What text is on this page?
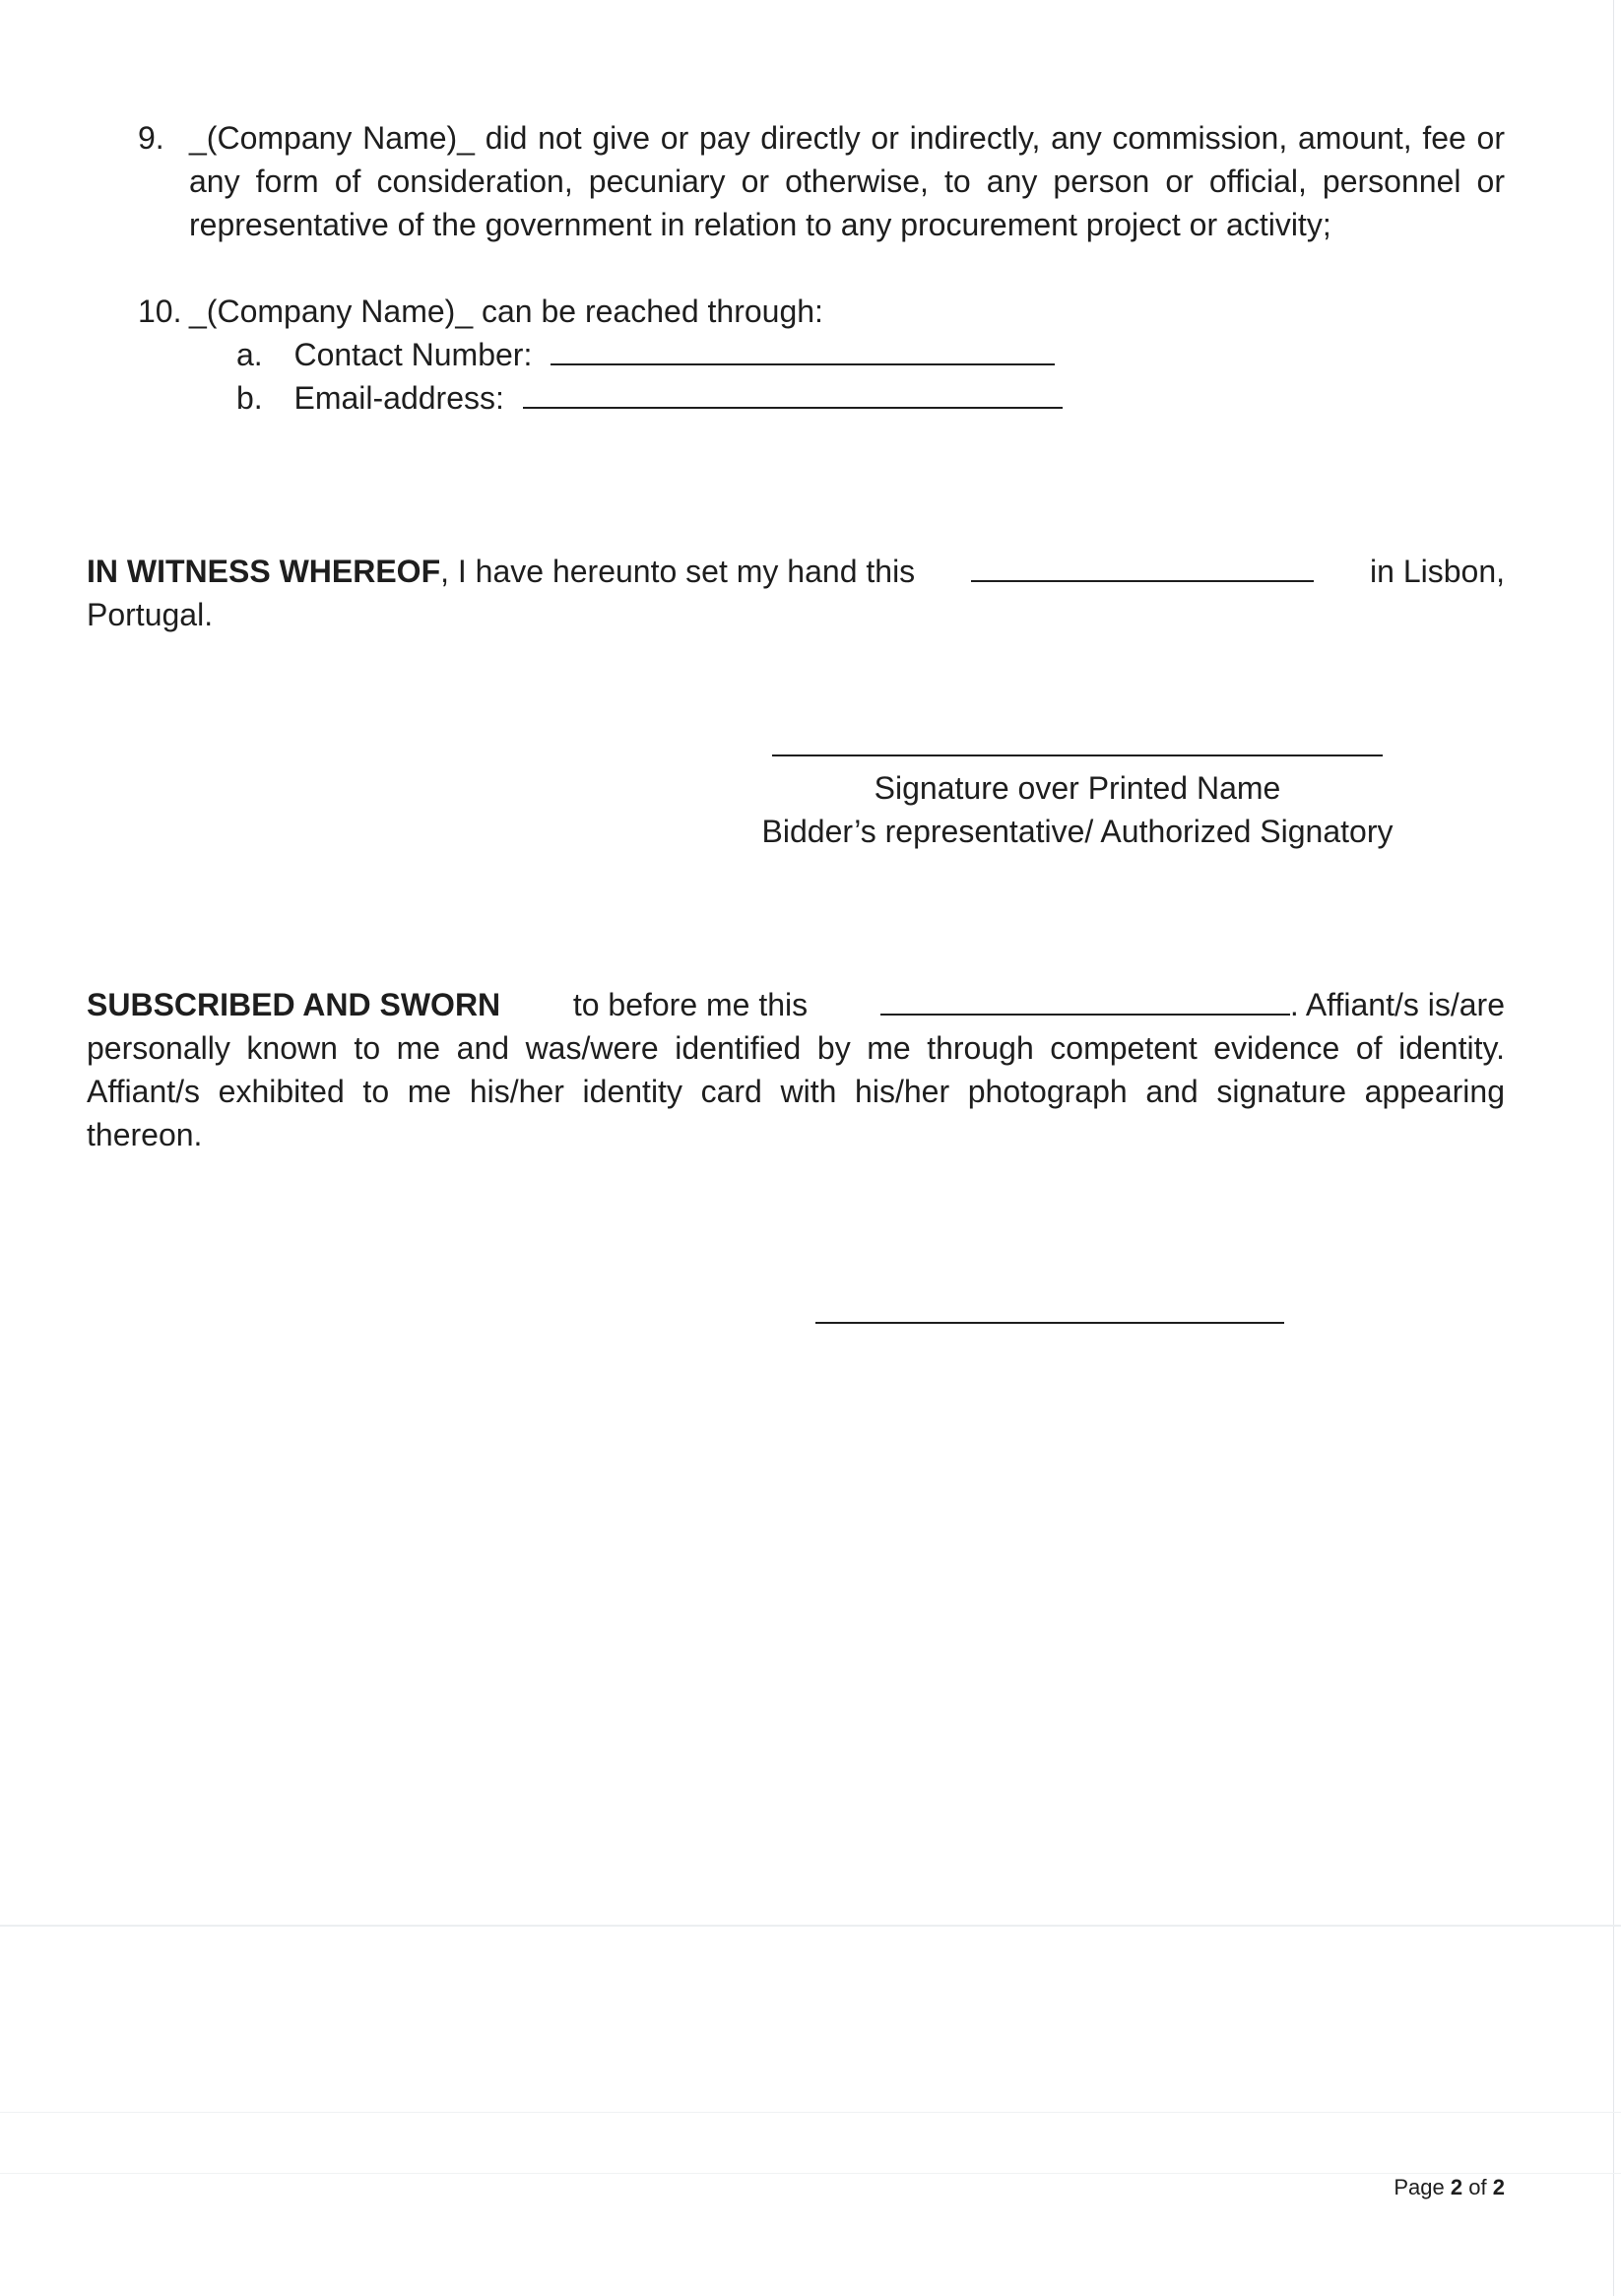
9. _(Company Name)_ did not give or pay directly or indirectly, any commission, amount, fee or any form of consideration, pecuniary or otherwise, to any person or official, personnel or representative of the government in relation to any procurement project or activity;
10. _(Company Name)_ can be reached through:
a. Contact Number:
b. Email-address:
IN WITNESS WHEREOF, I have hereunto set my hand this	in Lisbon,
Portugal.
Signature over Printed Name
Bidder’s representative/ Authorized Signatory
SUBSCRIBED AND SWORN to before me this	. Affiant/s is/are
personally known to me and was/were identified by me through competent evidence of identity. Affiant/s exhibited to me his/her identity card with his/her photograph and signature appearing thereon.
Page 2 of 2
